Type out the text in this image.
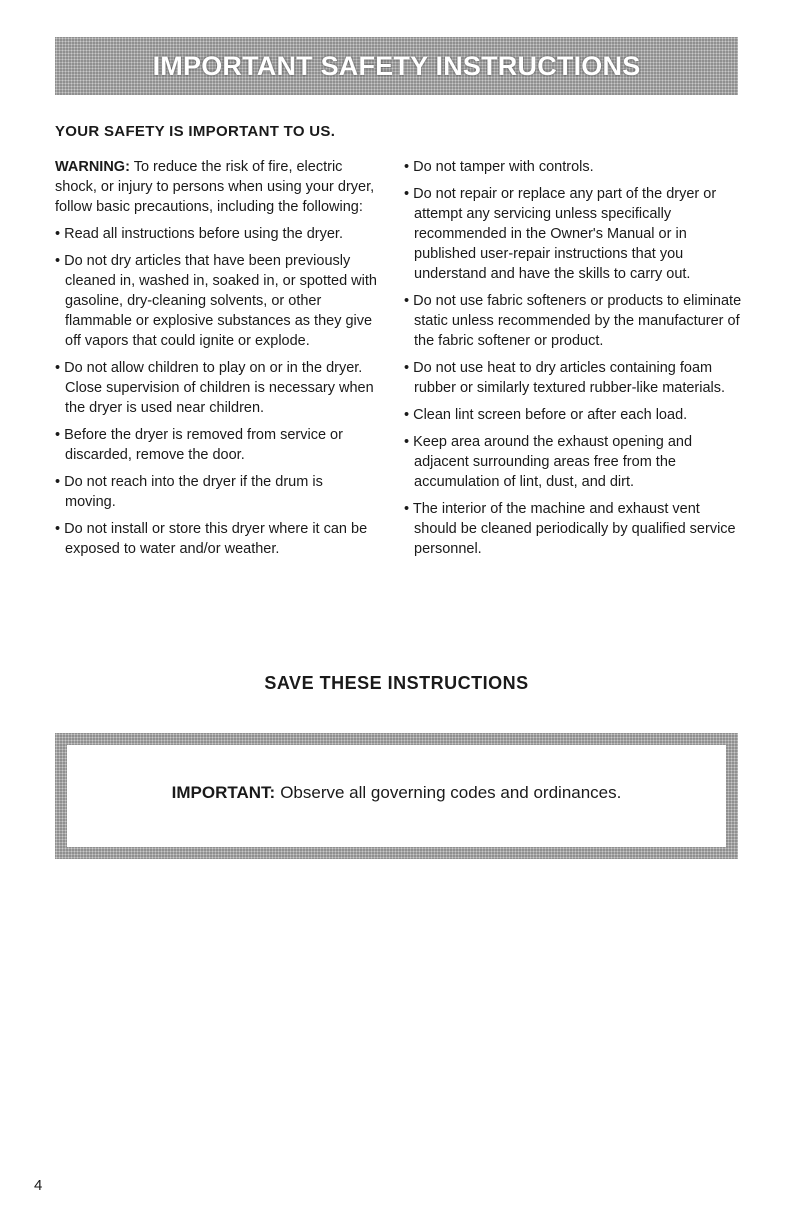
IMPORTANT SAFETY INSTRUCTIONS
YOUR SAFETY IS IMPORTANT TO US.

WARNING: To reduce the risk of fire, electric shock, or injury to persons when using your dryer, follow basic precautions, including the following:

• Read all instructions before using the dryer.

• Do not dry articles that have been previously cleaned in, washed in, soaked in, or spotted with gasoline, dry-cleaning solvents, or other flammable or explosive substances as they give off vapors that could ignite or explode.

• Do not allow children to play on or in the dryer. Close supervision of children is necessary when the dryer is used near children.

• Before the dryer is removed from service or discarded, remove the door.

• Do not reach into the dryer if the drum is moving.

• Do not install or store this dryer where it can be exposed to water and/or weather.

• Do not tamper with controls.

• Do not repair or replace any part of the dryer or attempt any servicing unless specifically recommended in the Owner's Manual or in published user-repair instructions that you understand and have the skills to carry out.

• Do not use fabric softeners or products to eliminate static unless recommended by the manufacturer of the fabric softener or product.

• Do not use heat to dry articles containing foam rubber or similarly textured rubber-like materials.

• Clean lint screen before or after each load.

• Keep area around the exhaust opening and adjacent surrounding areas free from the accumulation of lint, dust, and dirt.

• The interior of the machine and exhaust vent should be cleaned periodically by qualified service personnel.

SAVE THESE INSTRUCTIONS
IMPORTANT: Observe all governing codes and ordinances.
4
